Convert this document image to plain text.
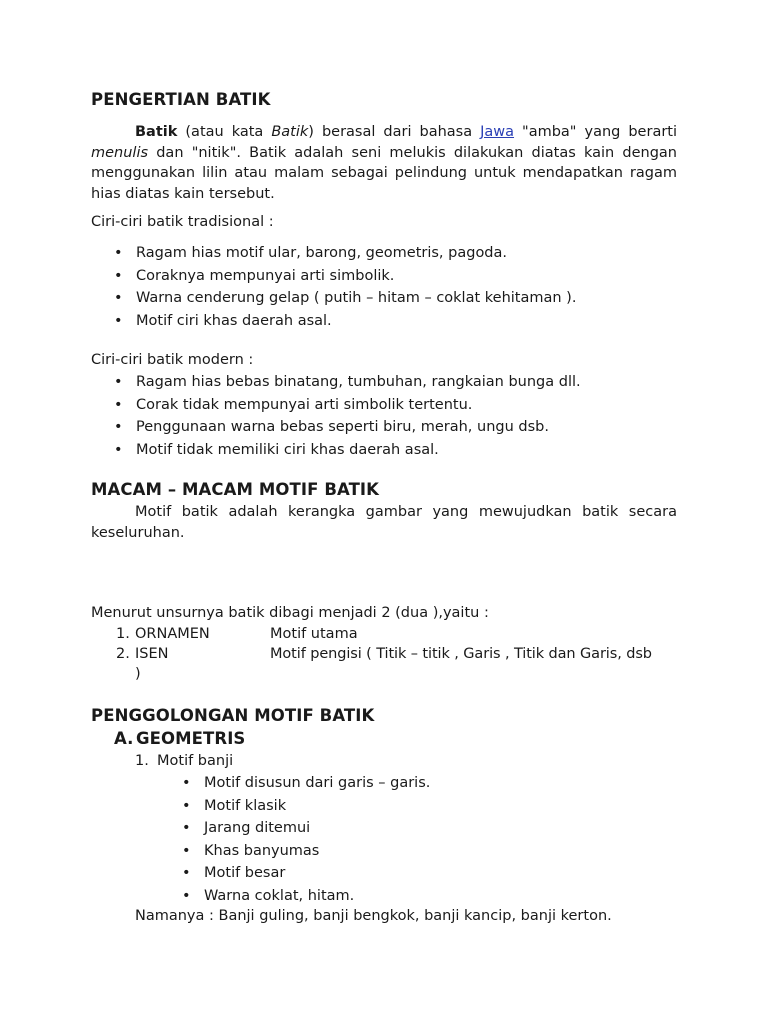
PENGERTIAN BATIK

Batik (atau kata Batik) berasal dari bahasa Jawa "amba" yang berarti menulis dan "nitik". Batik adalah seni melukis dilakukan diatas kain dengan menggunakan lilin atau malam sebagai pelindung untuk mendapatkan ragam hias diatas kain tersebut.

Ciri-ciri batik tradisional :
• Ragam hias motif ular, barong, geometris, pagoda.
• Coraknya mempunyai arti simbolik.
• Warna cenderung gelap ( putih – hitam – coklat kehitaman ).
• Motif ciri khas daerah asal.
Ciri-ciri batik modern :
• Ragam hias bebas binatang, tumbuhan, rangkaian bunga dll.
• Corak tidak mempunyai arti simbolik tertentu.
• Penggunaan warna bebas seperti biru, merah, ungu dsb.
• Motif tidak memiliki ciri khas daerah asal.
MACAM – MACAM MOTIF BATIK

Motif batik adalah kerangka gambar yang mewujudkan batik secara keseluruhan.

Menurut unsurnya batik dibagi menjadi 2 (dua ),yaitu :
1. ORNAMEN	Motif utama
2. ISEN	Motif pengisi ( Titik – titik , Garis , Titik dan Garis, dsb
)
PENGGOLONGAN MOTIF BATIK
A. GEOMETRIS
1. Motif banji
• Motif disusun dari garis – garis.
• Motif klasik
• Jarang ditemui
• Khas banyumas
• Motif besar
• Warna coklat, hitam.
Namanya : Banji guling, banji bengkok, banji kancip, banji kerton.
